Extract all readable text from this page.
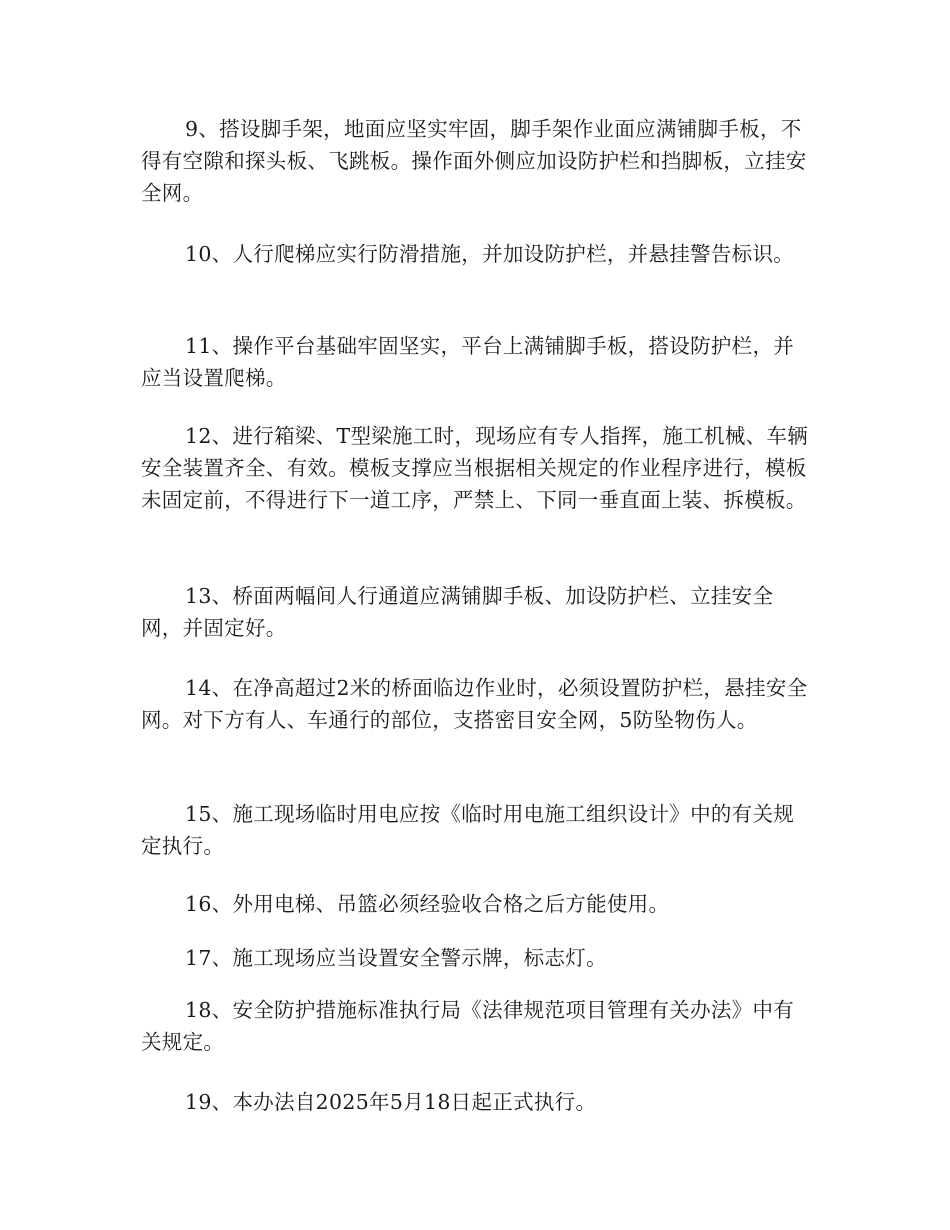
9、搭设脚手架，地面应坚实牢固，脚手架作业面应满铺脚手板，不得有空隙和探头板、飞跳板。操作面外侧应加设防护栏和挡脚板，立挂安全网。

10、人行爬梯应实行防滑措施，并加设防护栏，并悬挂警告标识。

11、操作平台基础牢固坚实，平台上满铺脚手板，搭设防护栏，并应当设置爬梯。

12、进行箱梁、T型梁施工时，现场应有专人指挥，施工机械、车辆安全装置齐全、有效。模板支撑应当根据相关规定的作业程序进行，模板未固定前，不得进行下一道工序，严禁上、下同一垂直面上装、拆模板。

13、桥面两幅间人行通道应满铺脚手板、加设防护栏、立挂安全网，并固定好。

14、在净高超过2米的桥面临边作业时，必须设置防护栏，悬挂安全网。对下方有人、车通行的部位，支搭密目安全网，5防坠物伤人。

15、施工现场临时用电应按《临时用电施工组织设计》中的有关规定执行。

16、外用电梯、吊篮必须经验收合格之后方能使用。

17、施工现场应当设置安全警示牌，标志灯。

18、安全防护措施标准执行局《法律规范项目管理有关办法》中有关规定。

19、本办法自2025年5月18日起正式执行。
